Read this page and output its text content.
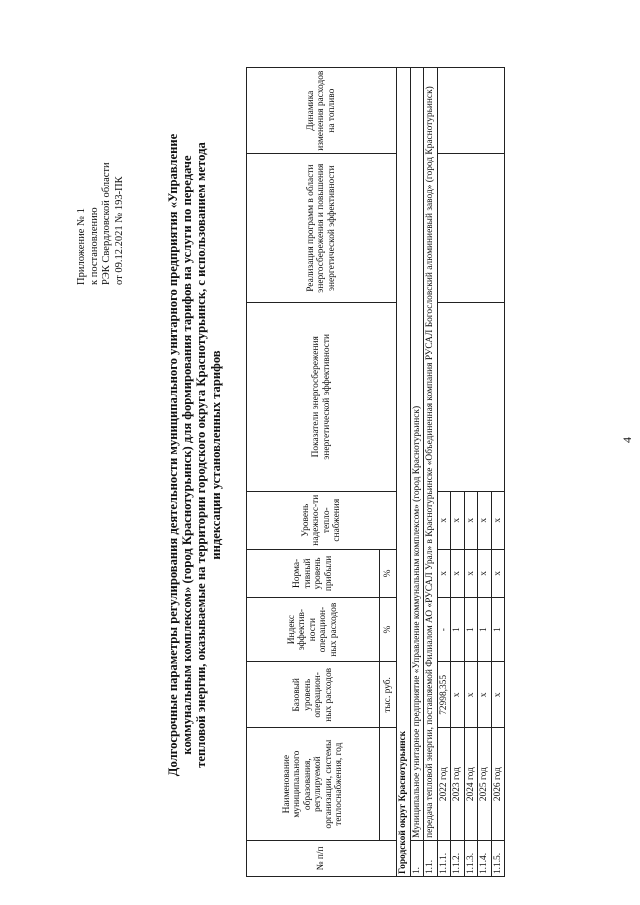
4
Приложение № 1 к постановлению РЭК Свердловской области от 09.12.2021 № 193-ПК	Долгосрочные параметры регулирования деятельности муниципального унитарного предприятия «Управление коммунальным комплексом» (город Краснотурьинск) для формирования тарифов на услуги по передаче тепловой энергии, оказываемые на территории городского округа Краснотурьинск, с использованием метода индексации установленных тарифов
№ п/п	Наименование муниципального образования, регулируемой организации, системы теплоснабжения, год	Базовый уровень операцион-ных расходов	Индекс эффектив-ности операцион-ных расходов	Норма-тивный уровень прибыли	Уровень надежнос-ти тепло-снабжения	Показатели энергосбережения энергетической эффективности	Реализация программ в области энергосбережения и повышения энергетической эффективности	Динамика изменения расходов на топливо
		тыс. руб.	%	%				
Городской округ Краснотурьинск								
1.	Муниципальное унитарное предприятие «Управление коммунальным комплексом» (город Краснотурьинск)							
1.1.	передача тепловой энергии, поставляемой Филиалом АО «РУСАЛ Урал» в Краснотурьинске «Объединенная компания РУСАЛ Богословский алюминиевый завод» (город Краснотурьинск)							
1.1.1.	2022 год	72998,355	-	х	х			
1.1.2.	2023 год	х	1	х	х			
1.1.3.	2024 год	х	1	х	х			
1.1.4.	2025 год	х	1	х	х			
1.1.5.	2026 год	х	1	х	х			
